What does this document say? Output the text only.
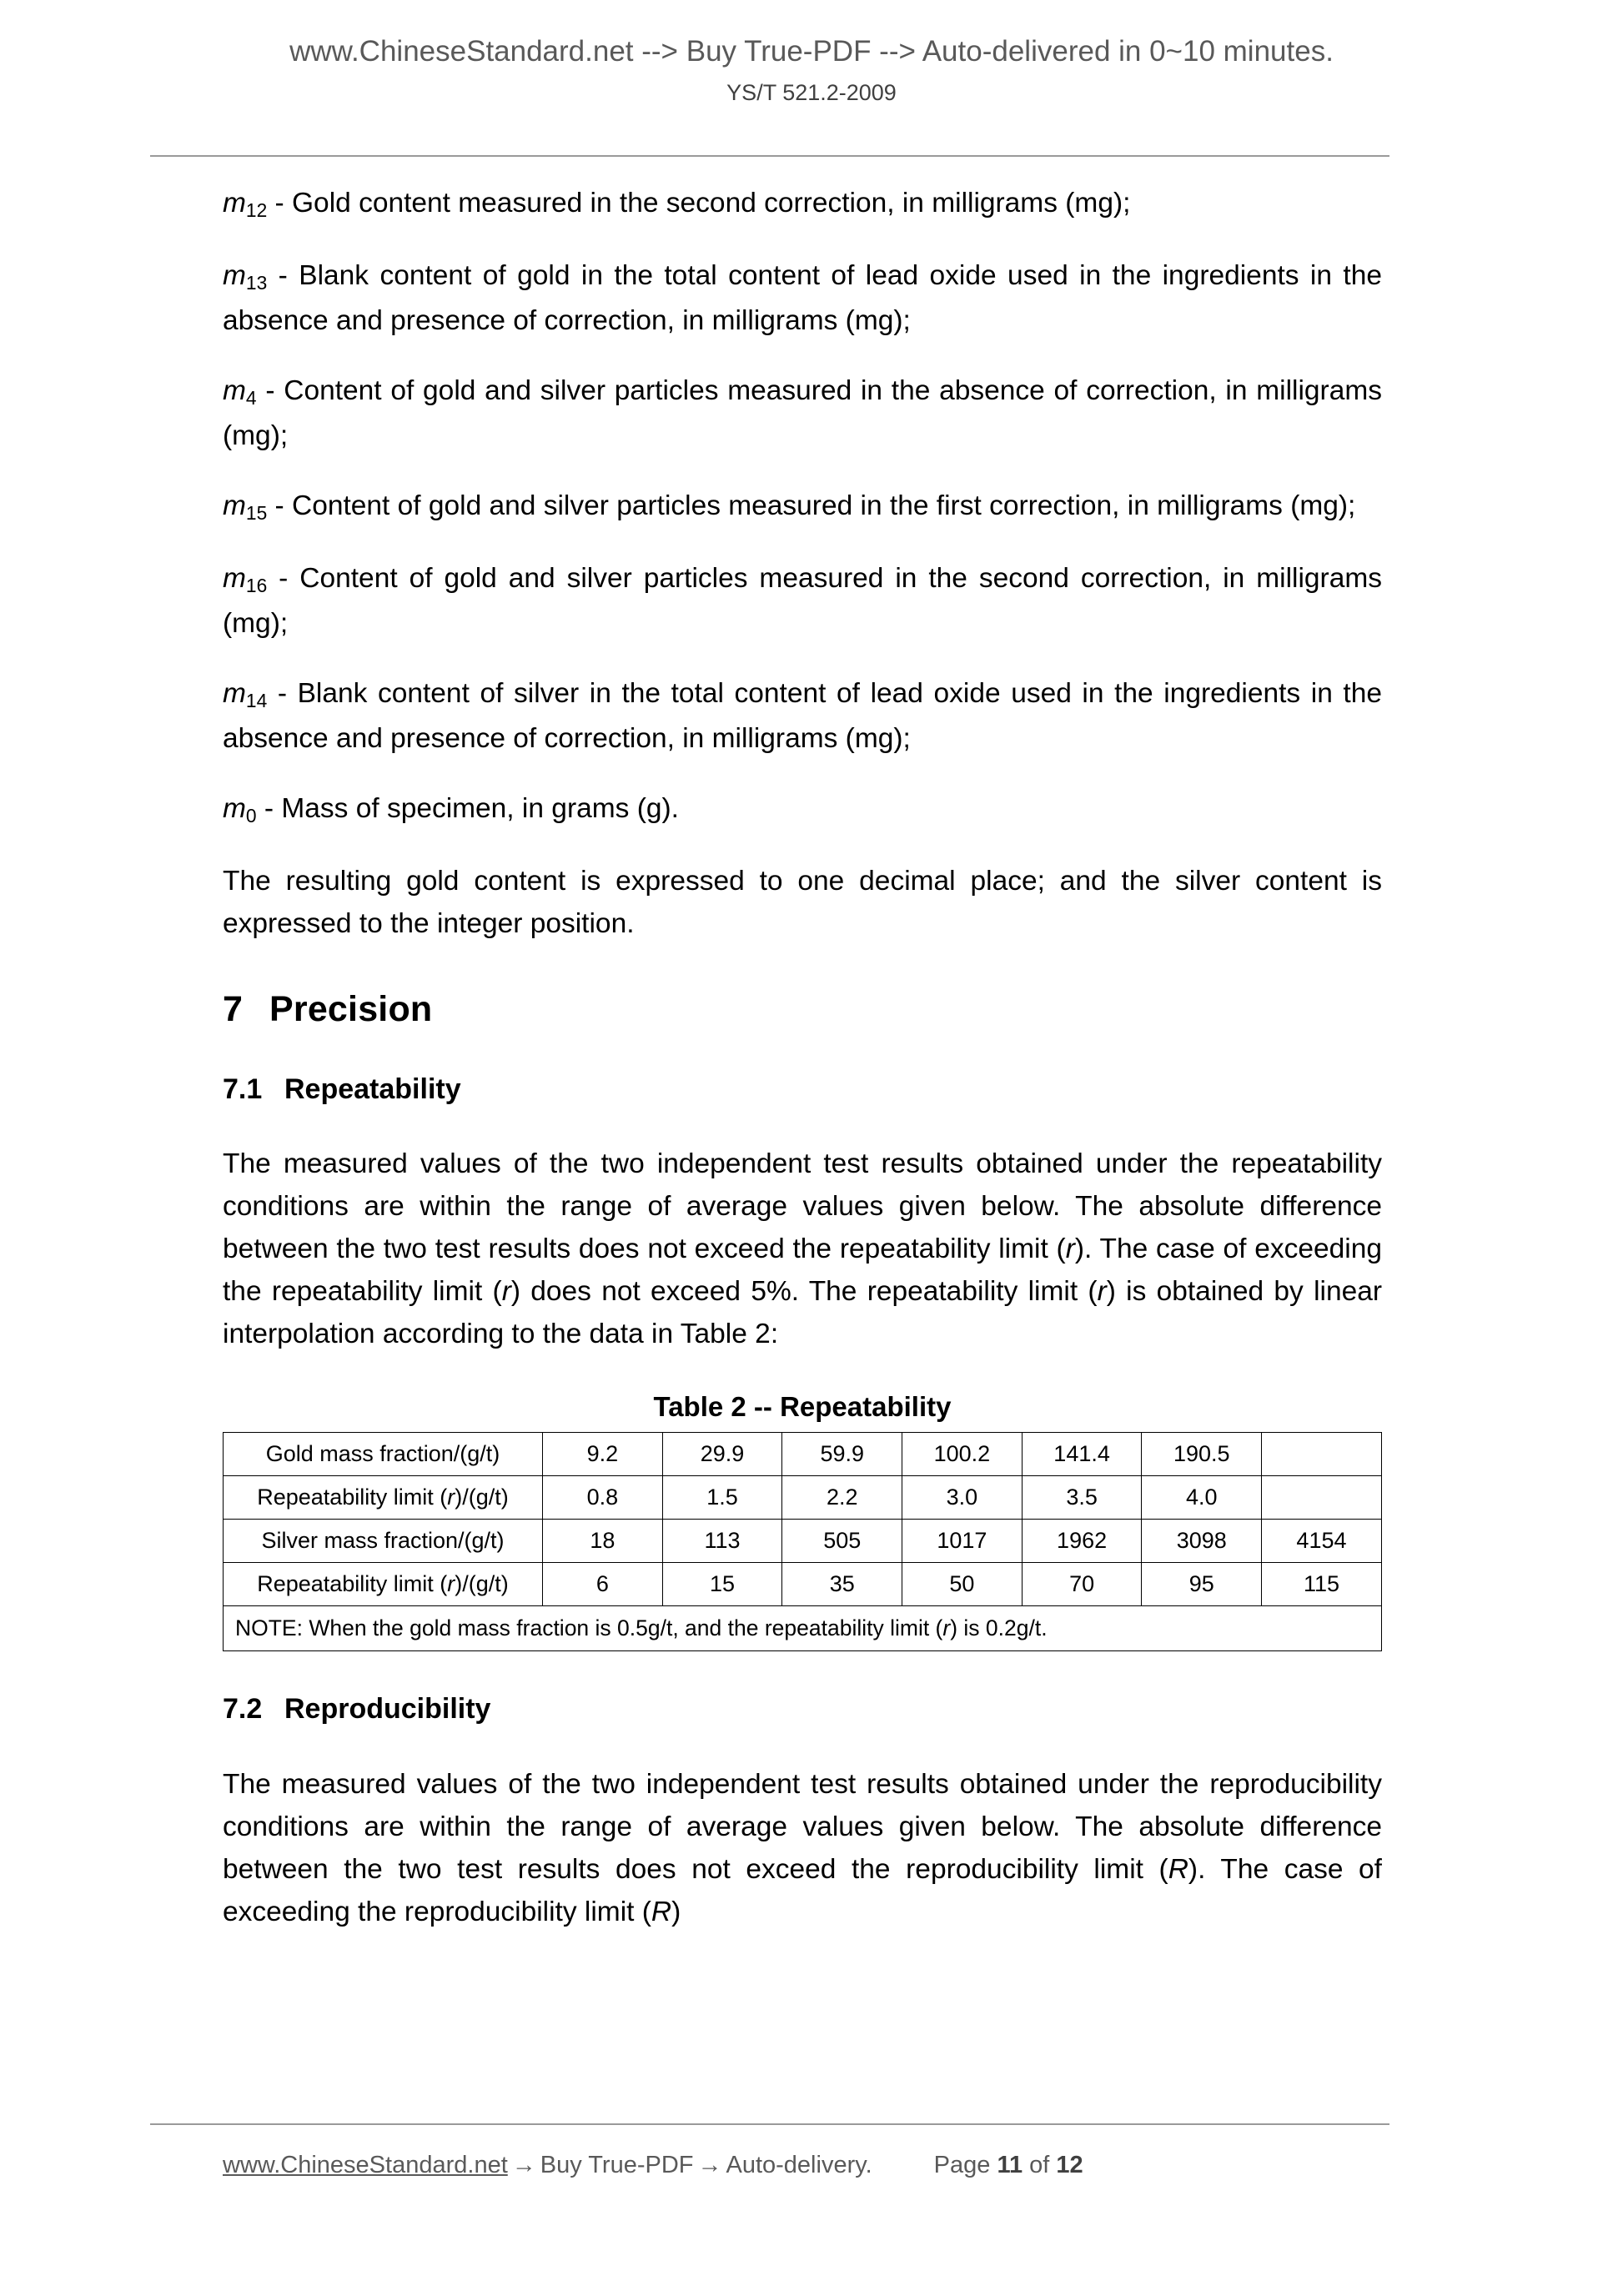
www.ChineseStandard.net --> Buy True-PDF --> Auto-delivered in 0~10 minutes.
YS/T 521.2-2009

$m_{12}$ - Gold content measured in the second correction, in milligrams (mg);

$m_{13}$ - Blank content of gold in the total content of lead oxide used in the ingredients in the absence and presence of correction, in milligrams (mg);

$m_4$ - Content of gold and silver particles measured in the absence of correction, in milligrams (mg);

$m_{15}$ - Content of gold and silver particles measured in the first correction, in milligrams (mg);

$m_{16}$ - Content of gold and silver particles measured in the second correction, in milligrams (mg);

$m_{14}$ - Blank content of silver in the total content of lead oxide used in the ingredients in the absence and presence of correction, in milligrams (mg);

$m_0$ - Mass of specimen, in grams (g).

The resulting gold content is expressed to one decimal place; and the silver content is expressed to the integer position.

7 Precision
7.1 Repeatability

The measured values of the two independent test results obtained under the repeatability conditions are within the range of average values given below. The absolute difference between the two test results does not exceed the repeatability limit (r). The case of exceeding the repeatability limit (r) does not exceed 5%. The repeatability limit (r) is obtained by linear interpolation according to the data in Table 2:

Table 2 -- Repeatability
Gold mass fraction/(g/t)	9.2	29.9	59.9	100.2	141.4	190.5	
Repeatability limit (r)/(g/t)	0.8	1.5	2.2	3.0	3.5	4.0	
Silver mass fraction/(g/t)	18	113	505	1017	1962	3098	4154
Repeatability limit (r)/(g/t)	6	15	35	50	70	95	115
NOTE: When the gold mass fraction is 0.5g/t, and the repeatability limit (r) is 0.2g/t.							
7.2 Reproducibility

The measured values of the two independent test results obtained under the reproducibility conditions are within the range of average values given below. The absolute difference between the two test results does not exceed the reproducibility limit (R). The case of exceeding the reproducibility limit (R)

www.ChineseStandard.net → Buy True-PDF → Auto-delivery.	Page 11 of 12
